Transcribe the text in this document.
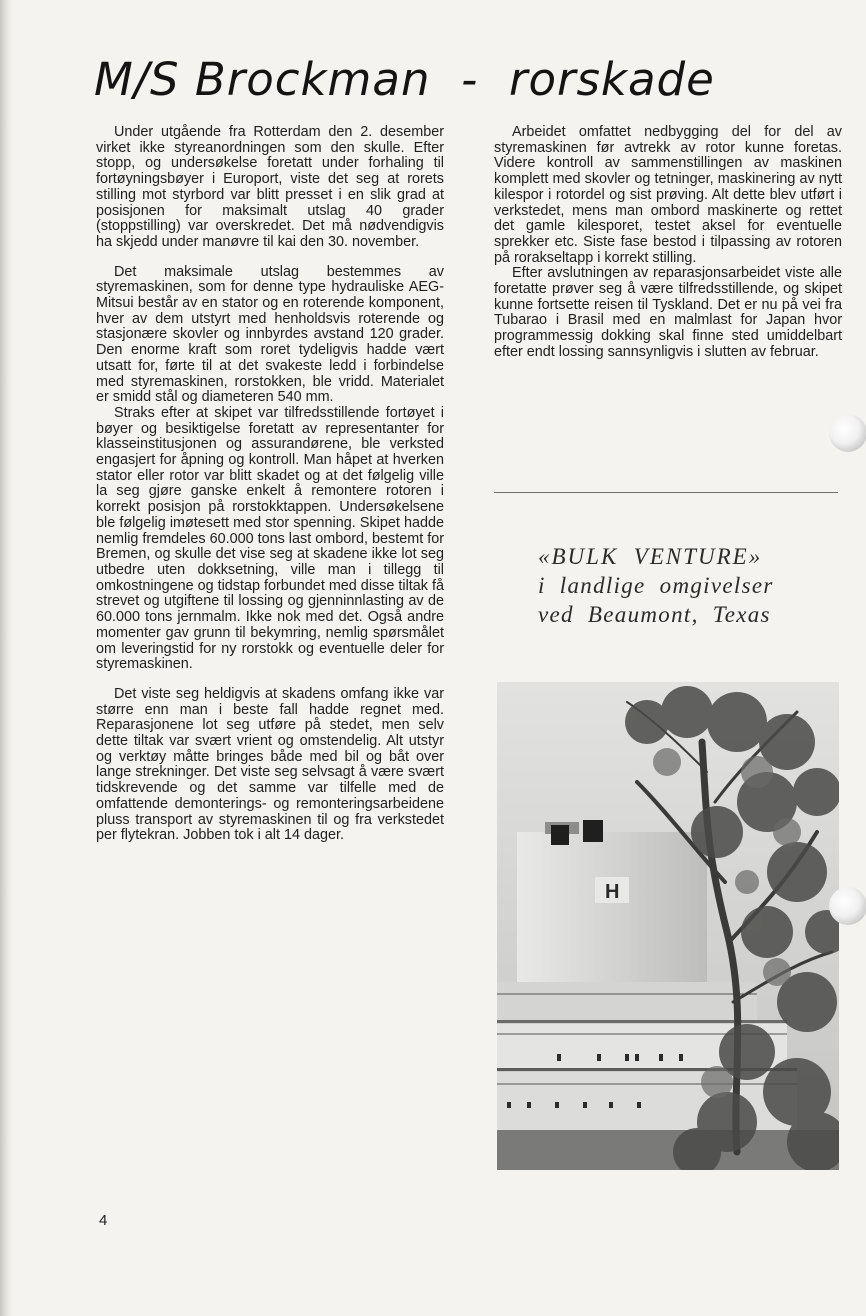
M/S Brockman  -  rorskade

Under utgående fra Rotterdam den 2. desember virket ikke styreanordningen som den skulle. Efter stopp, og undersøkelse foretatt under forhaling til fortøyningsbøyer i Europort, viste det seg at rorets stilling mot styrbord var blitt presset i en slik grad at posisjonen for maksimalt utslag 40 grader (stoppstilling) var overskredet. Det må nødvendigvis ha skjedd under manøvre til kai den 30. november.

Det maksimale utslag bestemmes av styremaskinen, som for denne type hydrauliske AEG-Mitsui består av en stator og en roterende komponent, hver av dem utstyrt med henholdsvis roterende og stasjonære skovler og innbyrdes avstand 120 grader. Den enorme kraft som roret tydeligvis hadde vært utsatt for, førte til at det svakeste ledd i forbindelse med styremaskinen, rorstokken, ble vridd. Materialet er smidd stål og diameteren 540 mm.

Straks efter at skipet var tilfredsstillende fortøyet i bøyer og besiktigelse foretatt av representanter for klasseinstitusjonen og assurandørene, ble verksted engasjert for åpning og kontroll. Man håpet at hverken stator eller rotor var blitt skadet og at det følgelig ville la seg gjøre ganske enkelt å remontere rotoren i korrekt posisjon på rorstokktappen. Undersøkelsene ble følgelig imøtesett med stor spenning. Skipet hadde nemlig fremdeles 60.000 tons last ombord, bestemt for Bremen, og skulle det vise seg at skadene ikke lot seg utbedre uten dokksetning, ville man i tillegg til omkostningene og tidstap forbundet med disse tiltak få strevet og utgiftene til lossing og gjenninnlasting av de 60.000 tons jernmalm. Ikke nok med det. Også andre momenter gav grunn til bekymring, nemlig spørsmålet om leveringstid for ny rorstokk og eventuelle deler for styremaskinen.

Det viste seg heldigvis at skadens omfang ikke var større enn man i beste fall hadde regnet med. Reparasjonene lot seg utføre på stedet, men selv dette tiltak var svært vrient og omstendelig. Alt utstyr og verktøy måtte bringes både med bil og båt over lange strekninger. Det viste seg selvsagt å være svært tidskrevende og det samme var tilfelle med de omfattende demonterings- og remonteringsarbeidene pluss transport av styremaskinen til og fra verkstedet per flytekran. Jobben tok i alt 14 dager.

Arbeidet omfattet nedbygging del for del av styremaskinen før avtrekk av rotor kunne foretas. Videre kontroll av sammenstillingen av maskinen komplett med skovler og tetninger, maskinering av nytt kilespor i rotordel og sist prøving. Alt dette blev utført i verkstedet, mens man ombord maskinerte og rettet det gamle kilesporet, testet aksel for eventuelle sprekker etc. Siste fase bestod i tilpassing av rotoren på rorakseltapp i korrekt stilling.

Efter avslutningen av reparasjonsarbeidet viste alle foretatte prøver seg å være tilfredsstillende, og skipet kunne fortsette reisen til Tyskland. Det er nu på vei fra Tubarao i Brasil med en malmlast for Japan hvor programmessig dokking skal finne sted umiddelbart efter endt lossing sannsynligvis i slutten av februar.

«BULK  VENTURE»
i  landlige  omgivelser
ved  Beaumont,  Texas
H
4
